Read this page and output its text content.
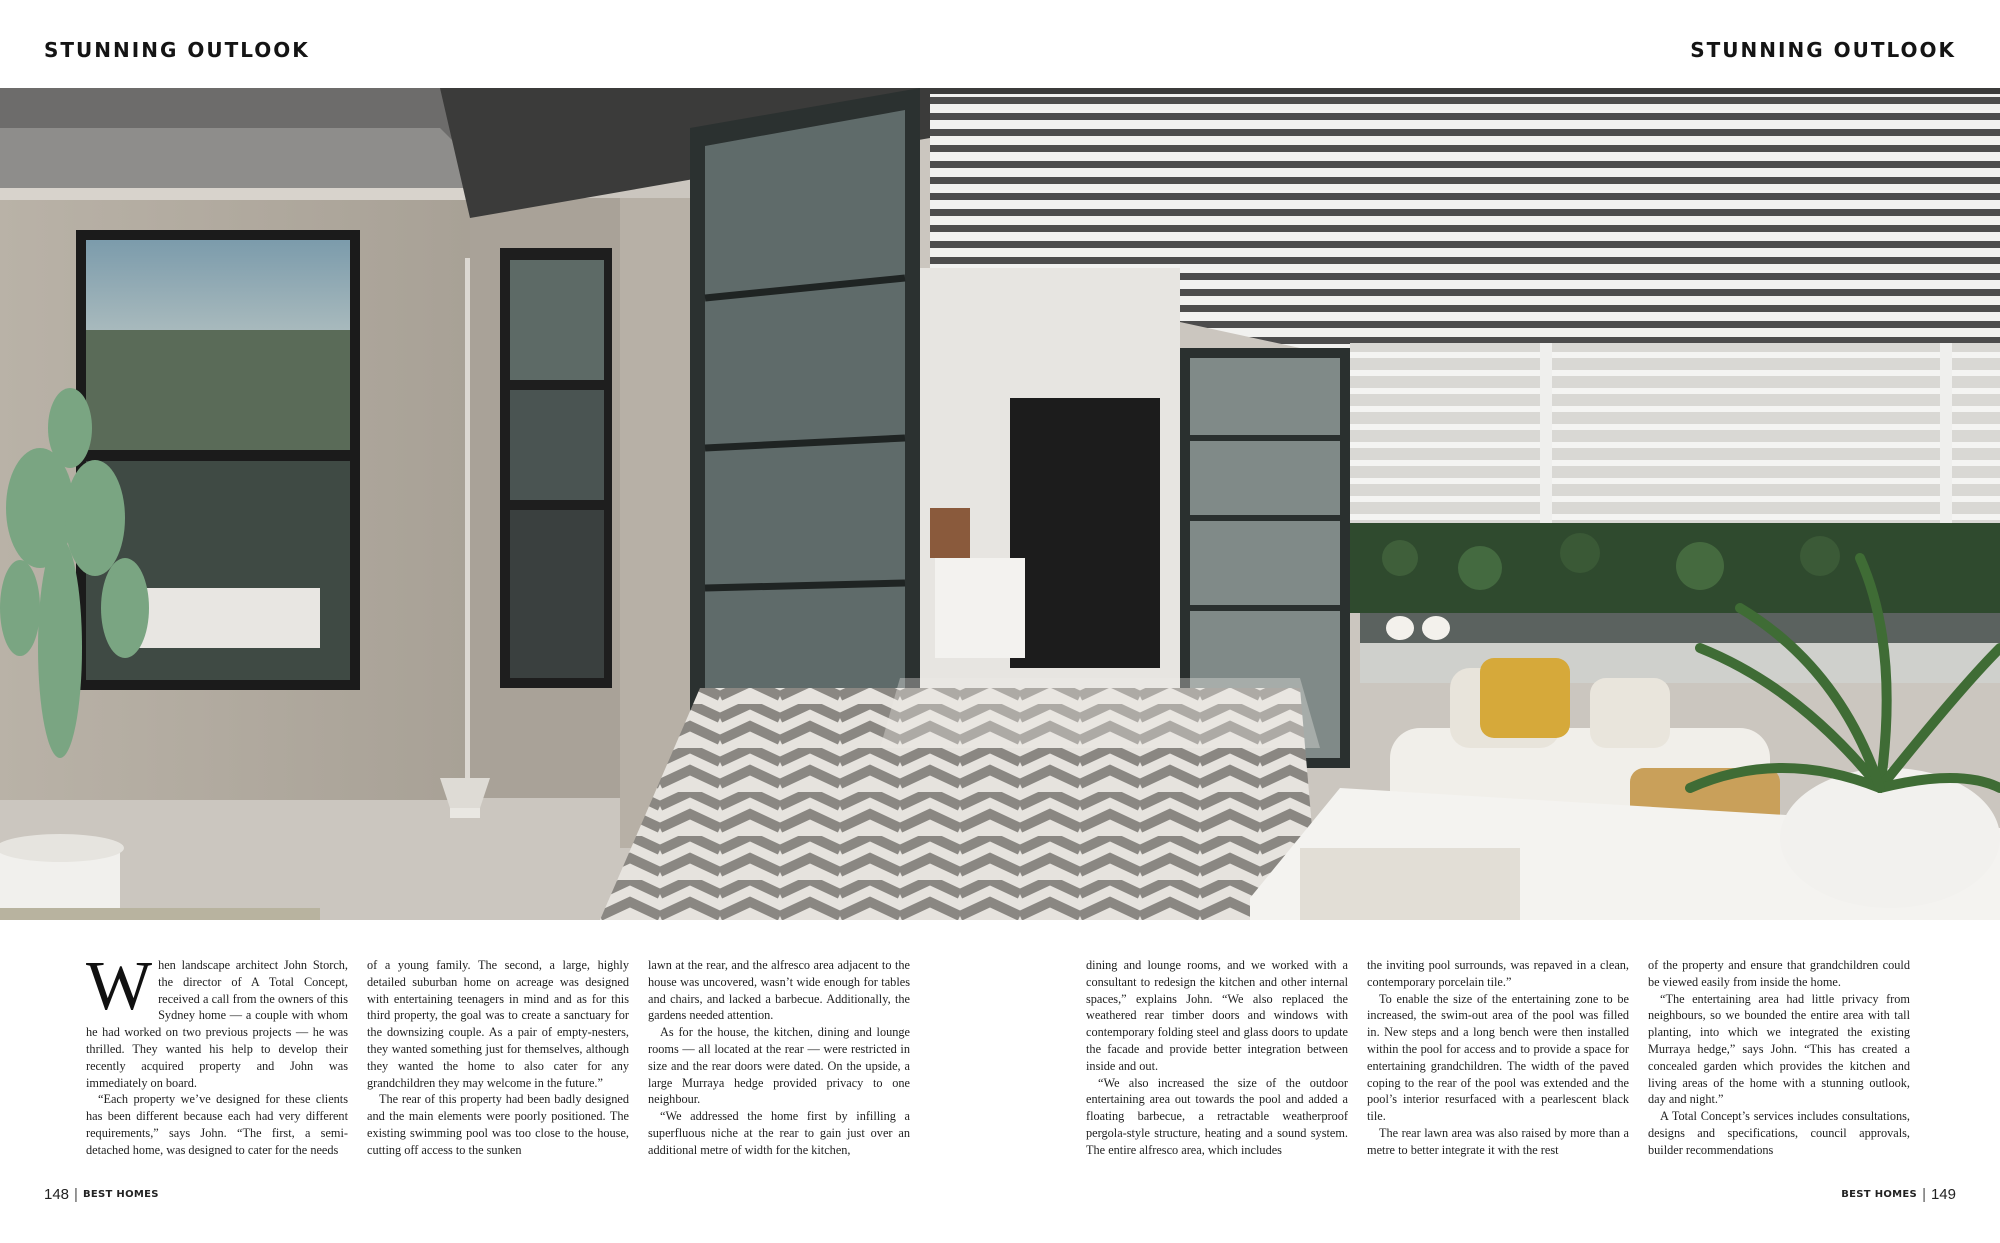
STUNNING OUTLOOK	STUNNING OUTLOOK

When landscape architect John Storch, the director of A Total Concept, received a call from the owners of this Sydney home — a couple with whom he had worked on two previous projects — he was thrilled. They wanted his help to develop their recently acquired property and John was immediately on board.

“Each property we’ve designed for these clients has been different because each had very different requirements,” says John. “The first, a semi-detached home, was designed to cater for the needs

of a young family. The second, a large, highly detailed suburban home on acreage was designed with entertaining teenagers in mind and as for this third property, the goal was to create a sanctuary for the downsizing couple. As a pair of empty-nesters, they wanted something just for themselves, although they wanted the home to also cater for any grandchildren they may welcome in the future.”

The rear of this property had been badly designed and the main elements were poorly positioned. The existing swimming pool was too close to the house, cutting off access to the sunken

lawn at the rear, and the alfresco area adjacent to the house was uncovered, wasn’t wide enough for tables and chairs, and lacked a barbecue. Additionally, the gardens needed attention.

As for the house, the kitchen, dining and lounge rooms — all located at the rear — were restricted in size and the rear doors were dated. On the upside, a large Murraya hedge provided privacy to one neighbour.

“We addressed the home first by infilling a superfluous niche at the rear to gain just over an additional metre of width for the kitchen,

dining and lounge rooms, and we worked with a consultant to redesign the kitchen and other internal spaces,” explains John. “We also replaced the weathered rear timber doors and windows with contemporary folding steel and glass doors to update the facade and provide better integration between inside and out.

“We also increased the size of the outdoor entertaining area out towards the pool and added a floating barbecue, a retractable weatherproof pergola-style structure, heating and a sound system. The entire alfresco area, which includes

the inviting pool surrounds, was repaved in a clean, contemporary porcelain tile.”

To enable the size of the entertaining zone to be increased, the swim-out area of the pool was filled in. New steps and a long bench were then installed within the pool for access and to provide a space for entertaining grandchildren. The width of the paved coping to the rear of the pool was extended and the pool’s interior resurfaced with a pearlescent black tile.

The rear lawn area was also raised by more than a metre to better integrate it with the rest

of the property and ensure that grandchildren could be viewed easily from inside the home.

“The entertaining area had little privacy from neighbours, so we bounded the entire area with tall planting, into which we integrated the existing Murraya hedge,” says John. “This has created a concealed garden which provides the kitchen and living areas of the home with a stunning outlook, day and night.”

A Total Concept’s services includes consultations, designs and specifications, council approvals, builder recommendations

148 | BEST HOMES	BEST HOMES | 149
